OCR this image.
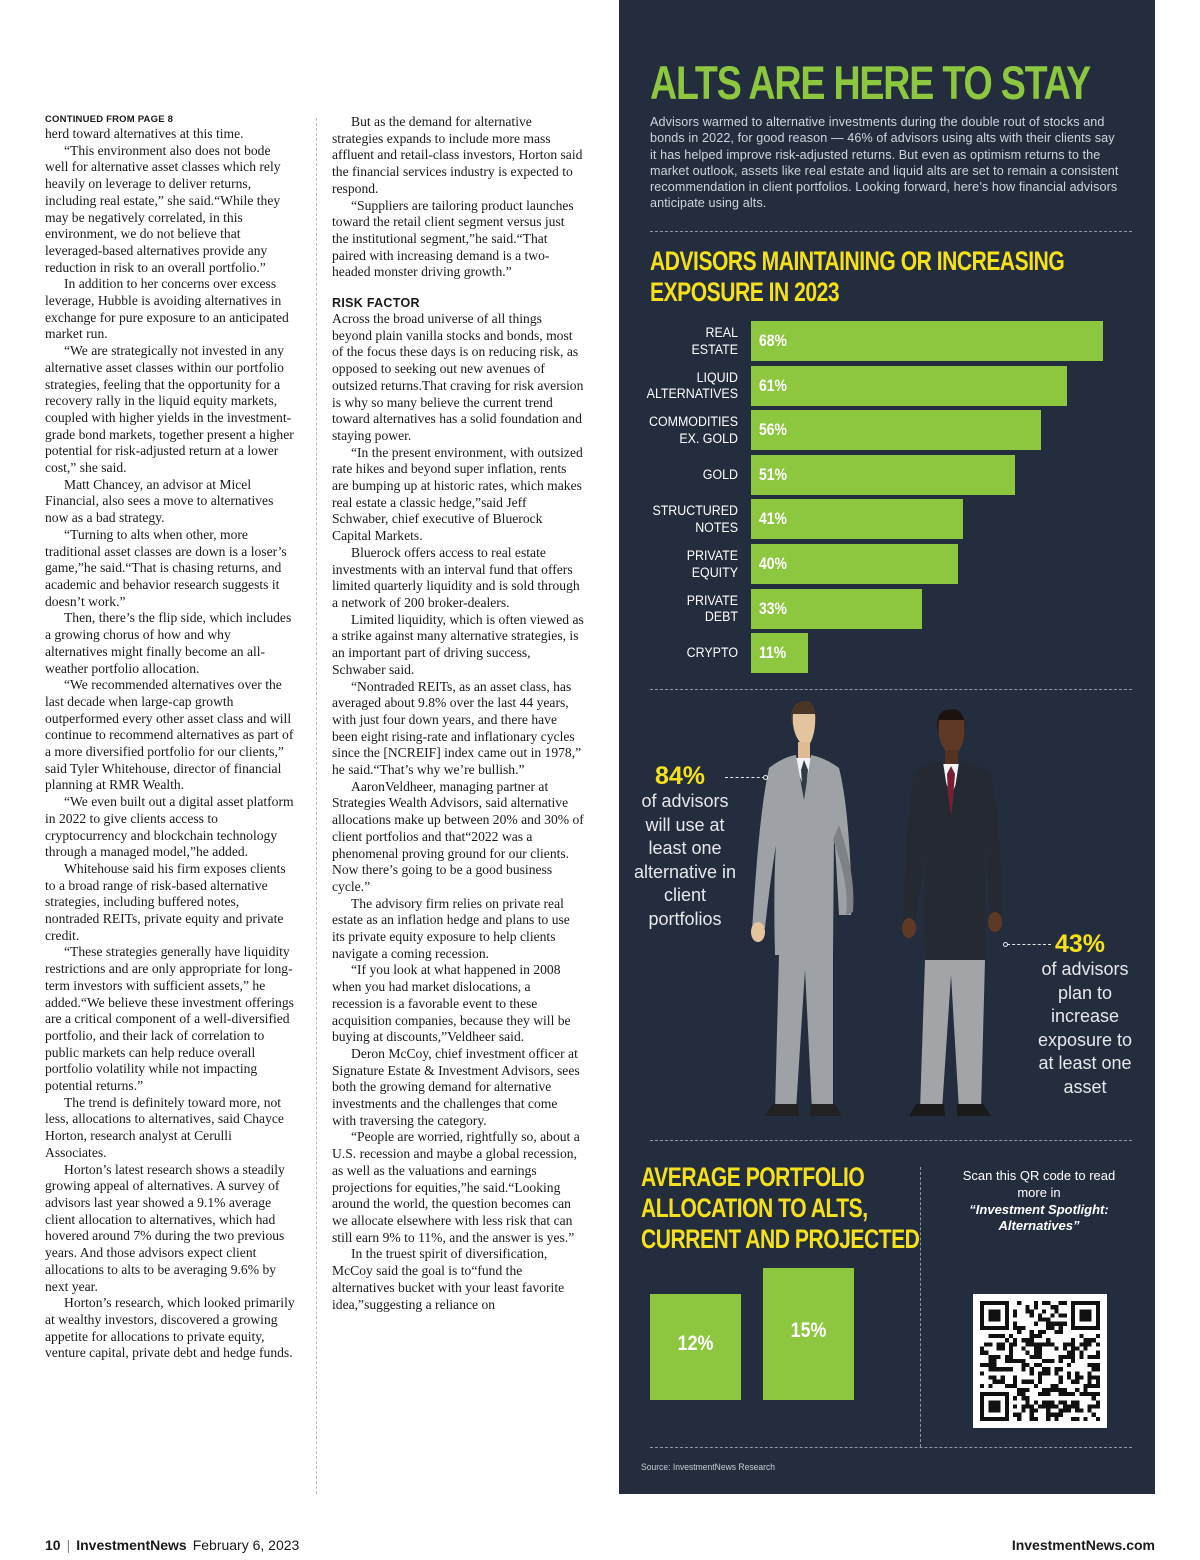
CONTINUED FROM PAGE 8

herd toward alternatives at this time.

“This environment also does not bode well for alternative asset classes which rely heavily on leverage to deliver returns, including real estate,” she said.“While they may be negatively correlated, in this environment, we do not believe that leveraged-based alternatives provide any reduction in risk to an overall portfolio.”

In addition to her concerns over excess leverage, Hubble is avoiding alternatives in exchange for pure exposure to an anticipated market run.

“We are strategically not invested in any alternative asset classes within our portfolio strategies, feeling that the opportunity for a recovery rally in the liquid equity markets, coupled with higher yields in the investment-grade bond markets, together present a higher potential for risk-adjusted return at a lower cost,” she said.

Matt Chancey, an advisor at Micel Financial, also sees a move to alternatives now as a bad strategy.

“Turning to alts when other, more traditional asset classes are down is a loser’s game,”he said.“That is chasing returns, and academic and behavior research suggests it doesn’t work.”

Then, there’s the flip side, which includes a growing chorus of how and why alternatives might finally become an all-weather portfolio allocation.

“We recommended alternatives over the last decade when large-cap growth outperformed every other asset class and will continue to recommend alternatives as part of a more diversified portfolio for our clients,” said Tyler Whitehouse, director of financial planning at RMR Wealth.

“We even built out a digital asset platform in 2022 to give clients access to cryptocurrency and blockchain technology through a managed model,”he added.

Whitehouse said his firm exposes clients to a broad range of risk-based alternative strategies, including buffered notes, nontraded REITs, private equity and private credit.

“These strategies generally have liquidity restrictions and are only appropriate for long-term investors with sufficient assets,” he added.“We believe these investment offerings are a critical component of a well-diversified portfolio, and their lack of correlation to public markets can help reduce overall portfolio volatility while not impacting potential returns.”

The trend is definitely toward more, not less, allocations to alternatives, said Chayce Horton, research analyst at Cerulli Associates.

Horton’s latest research shows a steadily growing appeal of alternatives. A survey of advisors last year showed a 9.1% average client allocation to alternatives, which had hovered around 7% during the two previous years. And those advisors expect client allocations to alts to be averaging 9.6% by next year.

Horton’s research, which looked primarily at wealthy investors, discovered a growing appetite for allocations to private equity, venture capital, private debt and hedge funds.

But as the demand for alternative strategies expands to include more mass affluent and retail-class investors, Horton said the financial services industry is expected to respond.

“Suppliers are tailoring product launches toward the retail client segment versus just the institutional segment,”he said.“That paired with increasing demand is a two-headed monster driving growth.”

RISK FACTOR

Across the broad universe of all things beyond plain vanilla stocks and bonds, most of the focus these days is on reducing risk, as opposed to seeking out new avenues of outsized returns.That craving for risk aversion is why so many believe the current trend toward alternatives has a solid foundation and staying power.

“In the present environment, with outsized rate hikes and beyond super inflation, rents are bumping up at historic rates, which makes real estate a classic hedge,”said Jeff Schwaber, chief executive of Bluerock Capital Markets.

Bluerock offers access to real estate investments with an interval fund that offers limited quarterly liquidity and is sold through a network of 200 broker-dealers.

Limited liquidity, which is often viewed as a strike against many alternative strategies, is an important part of driving success, Schwaber said.

“Nontraded REITs, as an asset class, has averaged about 9.8% over the last 44 years, with just four down years, and there have been eight rising-rate and inflationary cycles since the [NCREIF] index came out in 1978,” he said.“That’s why we’re bullish.”

AaronVeldheer, managing partner at Strategies Wealth Advisors, said alternative allocations make up between 20% and 30% of client portfolios and that“2022 was a phenomenal proving ground for our clients. Now there’s going to be a good business cycle.”

The advisory firm relies on private real estate as an inflation hedge and plans to use its private equity exposure to help clients navigate a coming recession.

“If you look at what happened in 2008 when you had market dislocations, a recession is a favorable event to these acquisition companies, because they will be buying at discounts,”Veldheer said.

Deron McCoy, chief investment officer at Signature Estate & Investment Advisors, sees both the growing demand for alternative investments and the challenges that come with traversing the category.

“People are worried, rightfully so, about a U.S. recession and maybe a global recession, as well as the valuations and earnings projections for equities,”he said.“Looking around the world, the question becomes can we allocate elsewhere with less risk that can still earn 9% to 11%, and the answer is yes.”

In the truest spirit of diversification, McCoy said the goal is to“fund the alternatives bucket with your least favorite idea,”suggesting a reliance on

10 | InvestmentNews February 6, 2023	InvestmentNews.com
ALTS ARE HERE TO STAY
Advisors warmed to alternative investments during the double rout of stocks and bonds in 2022, for good reason — 46% of advisors using alts with their clients say it has helped improve risk-adjusted returns. But even as optimism returns to the market outlook, assets like real estate and liquid alts are set to remain a consistent recommendation in client portfolios. Looking forward, here’s how financial advisors anticipate using alts.
ADVISORS MAINTAINING OR INCREASING
EXPOSURE IN 2023
REAL
ESTATE 68%
LIQUID
ALTERNATIVES 61%
COMMODITIES
EX. GOLD 56%
GOLD 51%
STRUCTURED
NOTES 41%
PRIVATE
EQUITY 40%
PRIVATE
DEBT 33%
CRYPTO 11%
84%
of advisors will use at least one alternative in client portfolios
43%
of advisors plan to increase exposure to at least one asset
AVERAGE PORTFOLIO
ALLOCATION TO ALTS,
CURRENT AND PROJECTED
12%
2023
15%
2026
Scan this QR code to read more in
“Investment Spotlight: Alternatives”
Source: InvestmentNews Research
